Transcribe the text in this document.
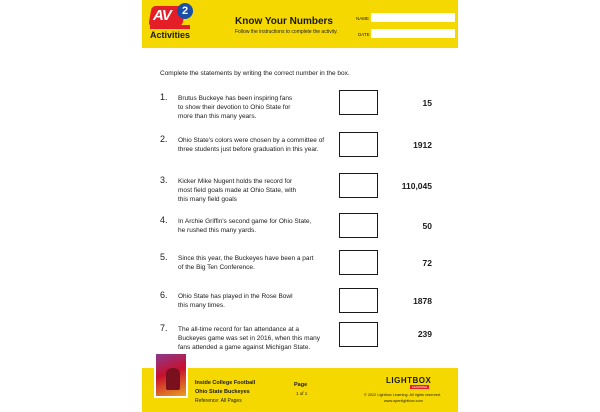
AV	2
Activities
Know Your Numbers
Follow the instructions to complete the activity.
NAME
DATE
Complete the statements by writing the correct number in the box.
1. Brutus Buckeye has been inspiring fans
to show their devotion to Ohio State for
more than this many years.
15
2. Ohio State's colors were chosen by a committee of
three students just before graduation in this year.	1912
3. Kicker Mike Nugent holds the record for
most field goals made at Ohio State, with
this many field goals
110,045
4. In Archie Griffin's second game for Ohio State,
he rushed this many yards.	50
5. Since this year, the Buckeyes have been a part
of the Big Ten Conference.	72
6. Ohio State has played in the Rose Bowl
this many times.	1878
7. The all-time record for fan attendance at a
Buckeyes game was set in 2016, when this many
fans attended a game against Michigan State.
239
Inside College Football
Ohio State Buckeyes
Reference: All Pages
Page
1 of 1
LIGHTBOX
LEARNING
© 2022 Lightbox Learning. All rights reserved.
www.openlightbox.com
